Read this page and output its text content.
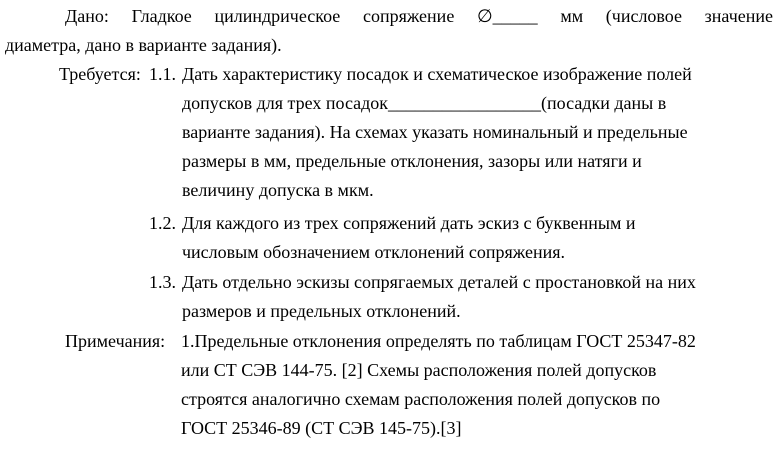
Дано: Гладкое цилиндрическое сопряжение ∅_____ мм (числовое значение
диаметра, дано в варианте задания).
Требуется: 1.1. Дать характеристику посадок и схематическое изображение полей
допусков для трех посадок_________________(посадки даны в
варианте задания). На схемах указать номинальный и предельные
размеры в мм, предельные отклонения, зазоры или натяги и
величину допуска в мкм.
1.2. Для каждого из трех сопряжений дать эскиз с буквенным и
числовым обозначением отклонений сопряжения.
1.3. Дать отдельно эскизы сопрягаемых деталей с простановкой на них
размеров и предельных отклонений.
Примечания: 1.Предельные отклонения определять по таблицам ГОСТ 25347-82
или СТ СЭВ 144-75. [2] Схемы расположения полей допусков
строятся аналогично схемам расположения полей допусков по
ГОСТ 25346-89 (СТ СЭВ 145-75).[3]
